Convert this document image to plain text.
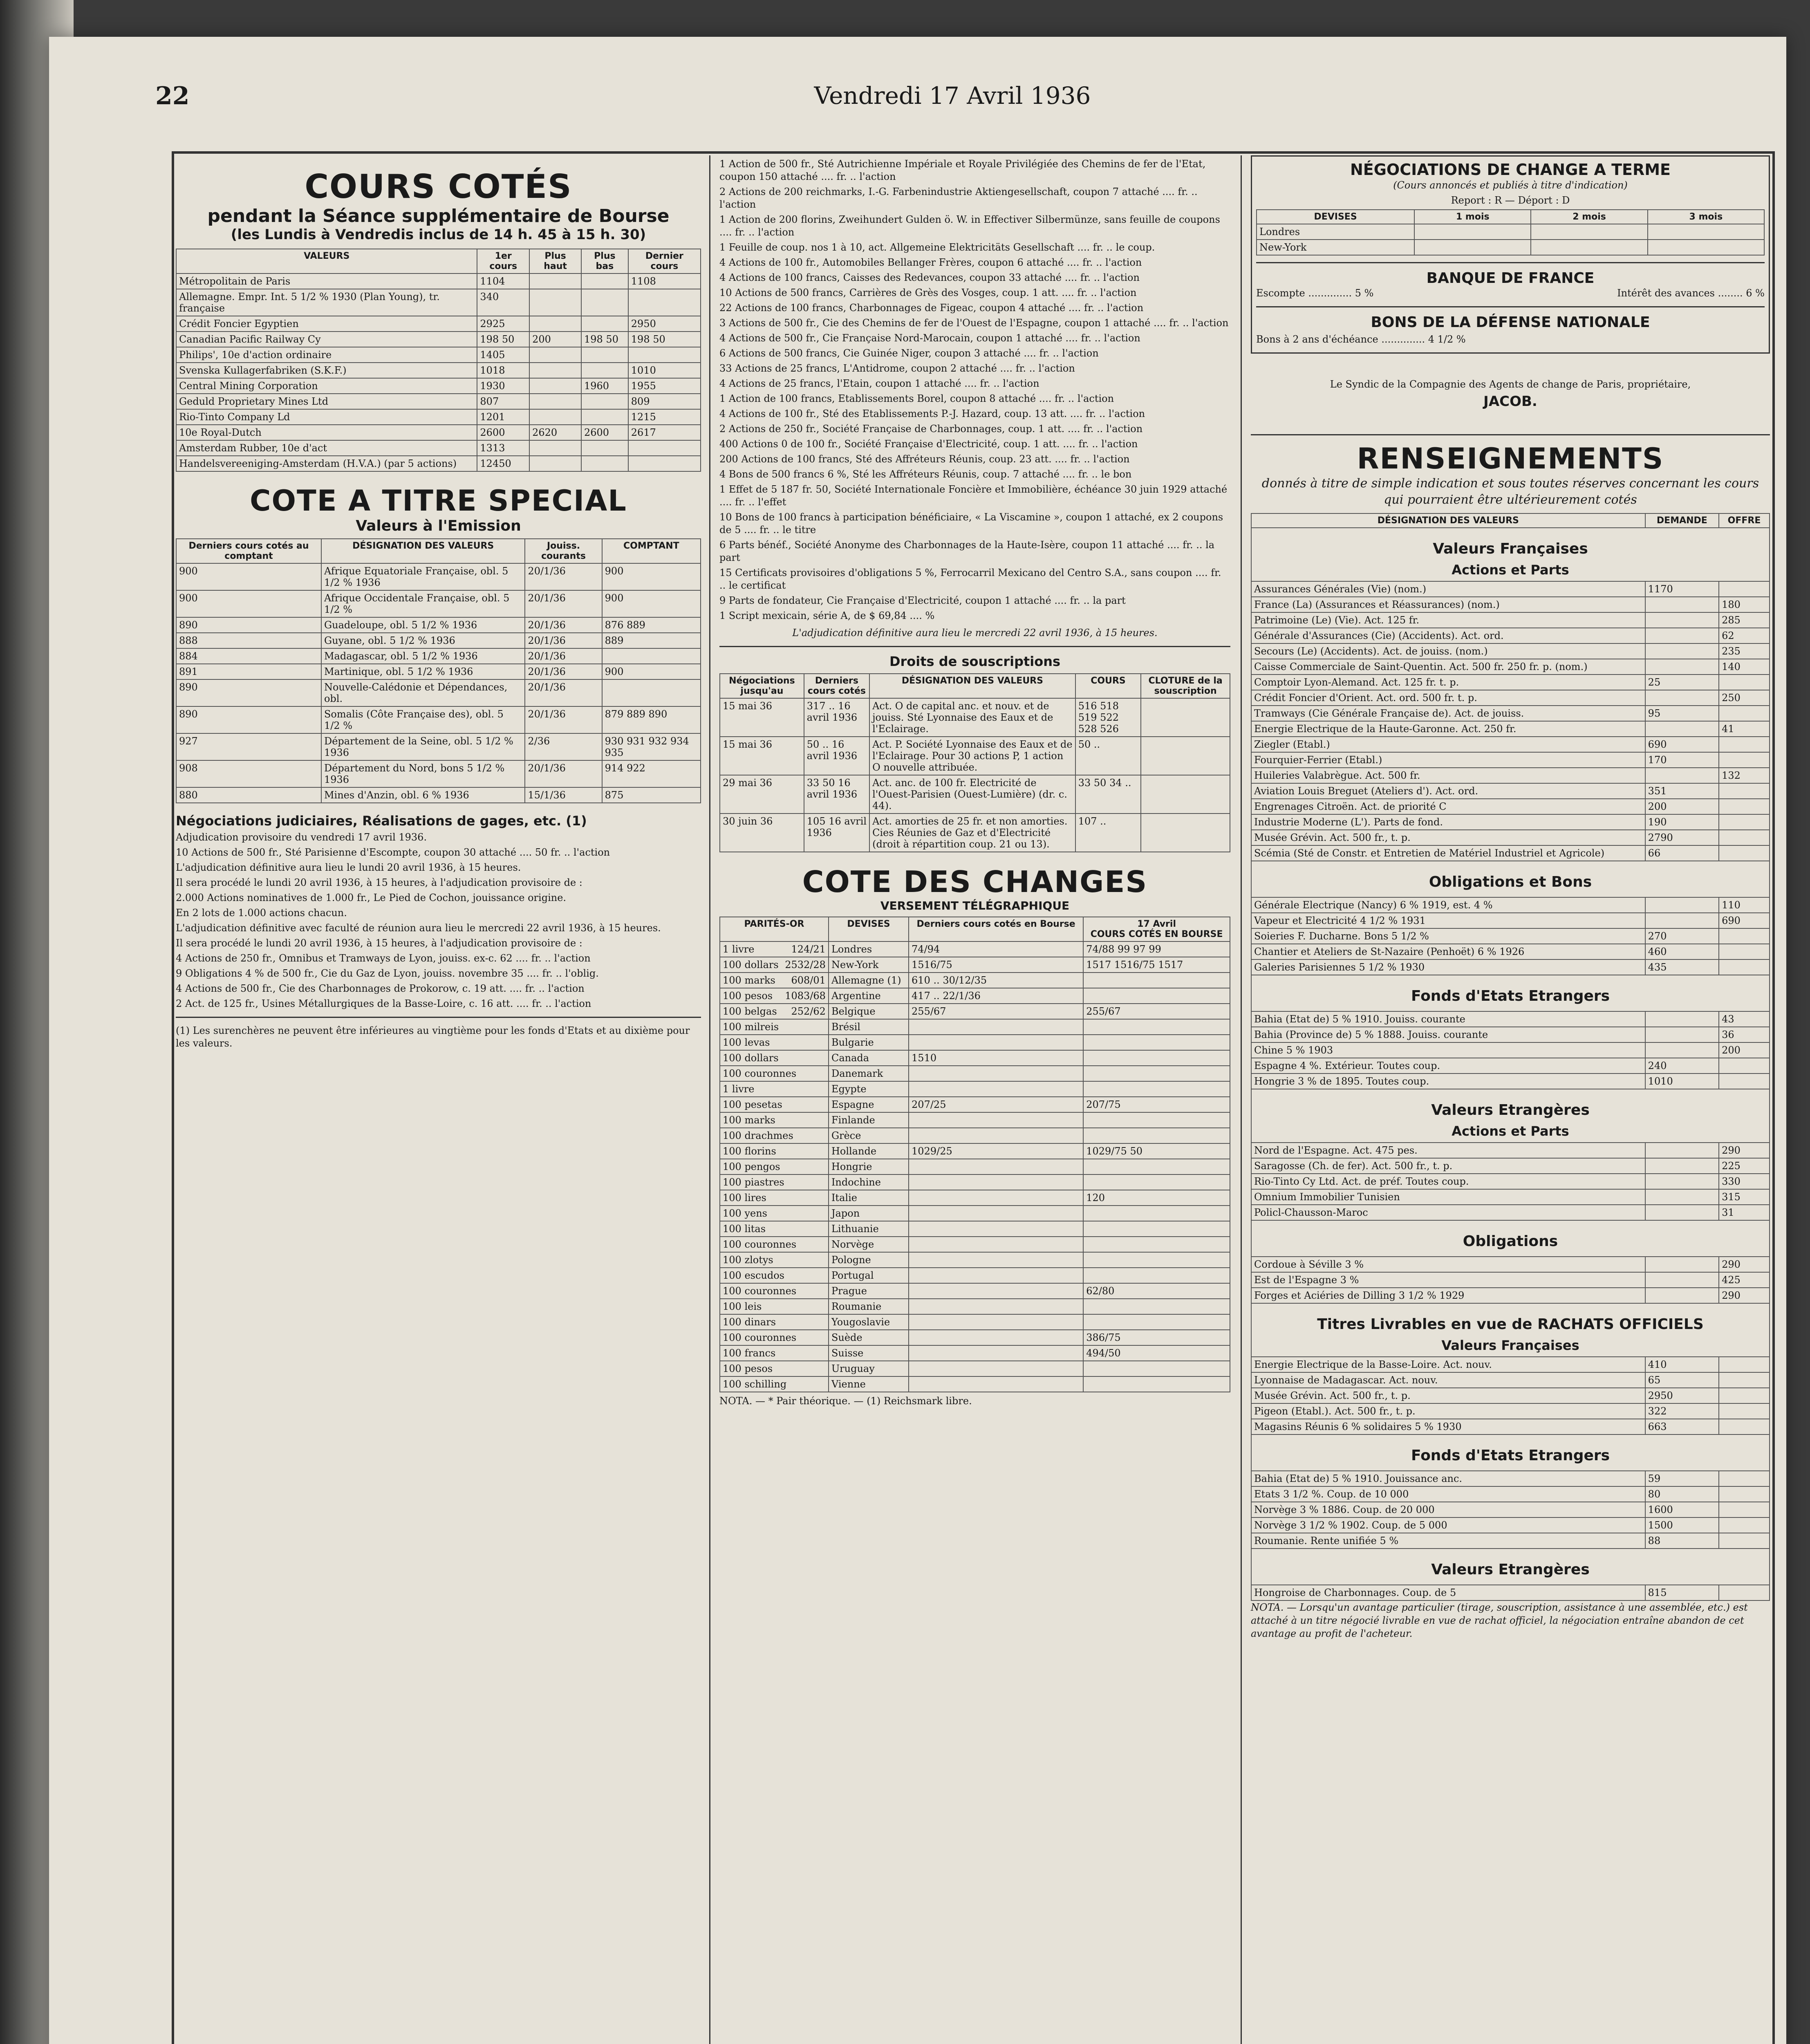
22	Vendredi 17 Avril 1936
COURS COTÉS
pendant la Séance supplémentaire de Bourse
(les Lundis à Vendredis inclus de 14 h. 45 à 15 h. 30)
VALEURS	1er cours	Plus haut	Plus bas	Dernier cours
Métropolitain de Paris	1104			1108
Allemagne. Empr. Int. 5 1/2 % 1930 (Plan Young), tr. française	340			
Crédit Foncier Egyptien	2925			2950
Canadian Pacific Railway Cy	198 50	200	198 50	198 50
Philips', 10e d'action ordinaire	1405			
Svenska Kullagerfabriken (S.K.F.)	1018			1010
Central Mining Corporation	1930		1960	1955
Geduld Proprietary Mines Ltd	807			809
Rio-Tinto Company Ld	1201			1215
10e Royal-Dutch	2600	2620	2600	2617
Amsterdam Rubber, 10e d'act	1313			
Handelsvereeniging-Amsterdam (H.V.A.) (par 5 actions)	12450			
COTE A TITRE SPECIAL
Valeurs à l'Emission
Derniers cours cotés au comptant	DÉSIGNATION DES VALEURS	Jouiss. courants	COMPTANT
900	Afrique Equatoriale Française, obl. 5 1/2 % 1936	20/1/36	900
900	Afrique Occidentale Française, obl. 5 1/2 %	20/1/36	900
890	Guadeloupe, obl. 5 1/2 % 1936	20/1/36	876 889
888	Guyane, obl. 5 1/2 % 1936	20/1/36	889
884	Madagascar, obl. 5 1/2 % 1936	20/1/36	
891	Martinique, obl. 5 1/2 % 1936	20/1/36	900
890	Nouvelle-Calédonie et Dépendances, obl.	20/1/36	
890	Somalis (Côte Française des), obl. 5 1/2 %	20/1/36	879 889 890
927	Département de la Seine, obl. 5 1/2 % 1936	2/36	930 931 932 934 935
908	Département du Nord, bons 5 1/2 % 1936	20/1/36	914 922
880	Mines d'Anzin, obl. 6 % 1936	15/1/36	875
Négociations judiciaires, Réalisations de gages, etc. (1)
Adjudication provisoire du vendredi 17 avril 1936.
10 Actions de 500 fr., Sté Parisienne d'Escompte, coupon 30 attaché .... 50 fr. .. l'action
L'adjudication définitive aura lieu le lundi 20 avril 1936, à 15 heures.
Il sera procédé le lundi 20 avril 1936, à 15 heures, à l'adjudication provisoire de :
2.000 Actions nominatives de 1.000 fr., Le Pied de Cochon, jouissance origine.
En 2 lots de 1.000 actions chacun.
L'adjudication définitive avec faculté de réunion aura lieu le mercredi 22 avril 1936, à 15 heures.
Il sera procédé le lundi 20 avril 1936, à 15 heures, à l'adjudication provisoire de :
4 Actions de 250 fr., Omnibus et Tramways de Lyon, jouiss. ex-c. 62 .... fr. .. l'action
9 Obligations 4 % de 500 fr., Cie du Gaz de Lyon, jouiss. novembre 35 .... fr. .. l'oblig.
4 Actions de 500 fr., Cie des Charbonnages de Prokorow, c. 19 att. .... fr. .. l'action
2 Act. de 125 fr., Usines Métallurgiques de la Basse-Loire, c. 16 att. .... fr. .. l'action
(1) Les surenchères ne peuvent être inférieures au vingtième pour les fonds d'Etats et au dixième pour les valeurs.
1 Action de 500 fr., Sté Autrichienne Impériale et Royale Privilégiée des Chemins de fer de l'Etat, coupon 150 attaché .... fr. .. l'action
2 Actions de 200 reichmarks, I.-G. Farbenindustrie Aktiengesellschaft, coupon 7 attaché .... fr. .. l'action
1 Action de 200 florins, Zweihundert Gulden ö. W. in Effectiver Silbermünze, sans feuille de coupons .... fr. .. l'action
1 Feuille de coup. nos 1 à 10, act. Allgemeine Elektricitäts Gesellschaft .... fr. .. le coup.
4 Actions de 100 fr., Automobiles Bellanger Frères, coupon 6 attaché .... fr. .. l'action
4 Actions de 100 francs, Caisses des Redevances, coupon 33 attaché .... fr. .. l'action
10 Actions de 500 francs, Carrières de Grès des Vosges, coup. 1 att. .... fr. .. l'action
22 Actions de 100 francs, Charbonnages de Figeac, coupon 4 attaché .... fr. .. l'action
3 Actions de 500 fr., Cie des Chemins de fer de l'Ouest de l'Espagne, coupon 1 attaché .... fr. .. l'action
4 Actions de 500 fr., Cie Française Nord-Marocain, coupon 1 attaché .... fr. .. l'action
6 Actions de 500 francs, Cie Guinée Niger, coupon 3 attaché .... fr. .. l'action
33 Actions de 25 francs, L'Antidrome, coupon 2 attaché .... fr. .. l'action
4 Actions de 25 francs, l'Etain, coupon 1 attaché .... fr. .. l'action
1 Action de 100 francs, Etablissements Borel, coupon 8 attaché .... fr. .. l'action
4 Actions de 100 fr., Sté des Etablissements P.-J. Hazard, coup. 13 att. .... fr. .. l'action
2 Actions de 250 fr., Société Française de Charbonnages, coup. 1 att. .... fr. .. l'action
400 Actions 0 de 100 fr., Société Française d'Electricité, coup. 1 att. .... fr. .. l'action
200 Actions de 100 francs, Sté des Affréteurs Réunis, coup. 23 att. .... fr. .. l'action
4 Bons de 500 francs 6 %, Sté les Affréteurs Réunis, coup. 7 attaché .... fr. .. le bon
1 Effet de 5 187 fr. 50, Société Internationale Foncière et Immobilière, échéance 30 juin 1929 attaché .... fr. .. l'effet
10 Bons de 100 francs à participation bénéficiaire, « La Viscamine », coupon 1 attaché, ex 2 coupons de 5 .... fr. .. le titre
6 Parts bénéf., Société Anonyme des Charbonnages de la Haute-Isère, coupon 11 attaché .... fr. .. la part
15 Certificats provisoires d'obligations 5 %, Ferrocarril Mexicano del Centro S.A., sans coupon .... fr. .. le certificat
9 Parts de fondateur, Cie Française d'Electricité, coupon 1 attaché .... fr. .. la part
1 Script mexicain, série A, de $ 69,84 .... %
L'adjudication définitive aura lieu le mercredi 22 avril 1936, à 15 heures.
Droits de souscriptions
Négociations jusqu'au	Derniers cours cotés	DÉSIGNATION DES VALEURS	COURS	CLOTURE de la souscription
15 mai 36	317 .. 16 avril 1936	Act. O de capital anc. et nouv. et de jouiss. Sté Lyonnaise des Eaux et de l'Eclairage.	516 518 519 522 528 526	
15 mai 36	50 .. 16 avril 1936	Act. P. Société Lyonnaise des Eaux et de l'Eclairage. Pour 30 actions P, 1 action O nouvelle attribuée.	50 ..	
29 mai 36	33 50 16 avril 1936	Act. anc. de 100 fr. Electricité de l'Ouest-Parisien (Ouest-Lumière) (dr. c. 44).	33 50 34 ..	
30 juin 36	105 16 avril 1936	Act. amorties de 25 fr. et non amorties. Cies Réunies de Gaz et d'Electricité (droit à répartition coup. 21 ou 13).	107 ..	
COTE DES CHANGES
VERSEMENT TÉLÉGRAPHIQUE
PARITÉS-OR	DEVISES	Derniers cours cotés en Bourse	17 Avril
COURS COTÉS EN BOURSE

1 livre 124/21	Londres	74/94	74/88 99 97 99
100 dollars 2532/28	New-York	1516/75	1517 1516/75 1517
100 marks 608/01	Allemagne (1)	610 .. 30/12/35	
100 pesos 1083/68	Argentine	417 .. 22/1/36	
100 belgas 252/62	Belgique	255/67	255/67
100 milreis	Brésil		
100 levas	Bulgarie		
100 dollars	Canada	1510	
100 couronnes	Danemark		
1 livre	Egypte		
100 pesetas	Espagne	207/25	207/75
100 marks	Finlande		
100 drachmes	Grèce		
100 florins	Hollande	1029/25	1029/75 50
100 pengos	Hongrie		
100 piastres	Indochine		
100 lires	Italie		120
100 yens	Japon		
100 litas	Lithuanie		
100 couronnes	Norvège		
100 zlotys	Pologne		
100 escudos	Portugal		
100 couronnes	Prague		62/80
100 leis	Roumanie		
100 dinars	Yougoslavie		
100 couronnes	Suède		386/75
100 francs	Suisse		494/50
100 pesos	Uruguay		
100 schilling	Vienne		
NOTA. — * Pair théorique. — (1) Reichsmark libre.
NÉGOCIATIONS DE CHANGE A TERME
(Cours annoncés et publiés à titre d'indication)
Report : R — Déport : D
DEVISES	1 mois	2 mois	3 mois
Londres			
New-York			
BANQUE DE FRANCE
Escompte .............. 5 %	Intérêt des avances ........ 6 %
BONS DE LA DÉFENSE NATIONALE
Bons à 2 ans d'échéance .............. 4 1/2 %
Le Syndic de la Compagnie des Agents de change de Paris, propriétaire,
JACOB.
RENSEIGNEMENTS
donnés à titre de simple indication et sous toutes réserves concernant les cours qui pourraient être ultérieurement cotés
DÉSIGNATION DES VALEURS	DEMANDE	OFFRE

Valeurs Françaises
Actions et Parts		

Assurances Générales (Vie) (nom.)	1170	
France (La) (Assurances et Réassurances) (nom.)		180
Patrimoine (Le) (Vie). Act. 125 fr.		285
Générale d'Assurances (Cie) (Accidents). Act. ord.		62
Secours (Le) (Accidents). Act. de jouiss. (nom.)		235
Caisse Commerciale de Saint-Quentin. Act. 500 fr. 250 fr. p. (nom.)		140
Comptoir Lyon-Alemand. Act. 125 fr. t. p.	25	
Crédit Foncier d'Orient. Act. ord. 500 fr. t. p.		250
Tramways (Cie Générale Française de). Act. de jouiss.	95	
Energie Electrique de la Haute-Garonne. Act. 250 fr.		41
Ziegler (Etabl.)	690	
Fourquier-Ferrier (Etabl.)	170	
Huileries Valabrègue. Act. 500 fr.		132
Aviation Louis Breguet (Ateliers d'). Act. ord.	351	
Engrenages Citroën. Act. de priorité C	200	
Industrie Moderne (L'). Parts de fond.	190	
Musée Grévin. Act. 500 fr., t. p.	2790	
Scémia (Sté de Constr. et Entretien de Matériel Industriel et Agricole)	66	

Obligations et Bons		

Générale Electrique (Nancy) 6 % 1919, est. 4 %		110
Vapeur et Electricité 4 1/2 % 1931		690
Soieries F. Ducharne. Bons 5 1/2 %	270	
Chantier et Ateliers de St-Nazaire (Penhoët) 6 % 1926	460	
Galeries Parisiennes 5 1/2 % 1930	435	

Fonds d'Etats Etrangers		

Bahia (Etat de) 5 % 1910. Jouiss. courante		43
Bahia (Province de) 5 % 1888. Jouiss. courante		36
Chine 5 % 1903		200
Espagne 4 %. Extérieur. Toutes coup.	240	
Hongrie 3 % de 1895. Toutes coup.	1010	

Valeurs Etrangères
Actions et Parts		

Nord de l'Espagne. Act. 475 pes.		290
Saragosse (Ch. de fer). Act. 500 fr., t. p.		225
Rio-Tinto Cy Ltd. Act. de préf. Toutes coup.		330
Omnium Immobilier Tunisien		315
Policl-Chausson-Maroc		31

Obligations		

Cordoue à Séville 3 %		290
Est de l'Espagne 3 %		425
Forges et Aciéries de Dilling 3 1/2 % 1929		290

Titres Livrables en vue de RACHATS OFFICIELS
Valeurs Françaises		

Energie Electrique de la Basse-Loire. Act. nouv.	410	
Lyonnaise de Madagascar. Act. nouv.	65	
Musée Grévin. Act. 500 fr., t. p.	2950	
Pigeon (Etabl.). Act. 500 fr., t. p.	322	
Magasins Réunis 6 % solidaires 5 % 1930	663	

Fonds d'Etats Etrangers		

Bahia (Etat de) 5 % 1910. Jouissance anc.	59	
Etats 3 1/2 %. Coup. de 10 000	80	
Norvège 3 % 1886. Coup. de 20 000	1600	
Norvège 3 1/2 % 1902. Coup. de 5 000	1500	
Roumanie. Rente unifiée 5 %	88	

Valeurs Etrangères		

Hongroise de Charbonnages. Coup. de 5	815	
NOTA. — Lorsqu'un avantage particulier (tirage, souscription, assistance à une assemblée, etc.) est attaché à un titre négocié livrable en vue de rachat officiel, la négociation entraîne abandon de cet avantage au profit de l'acheteur.
